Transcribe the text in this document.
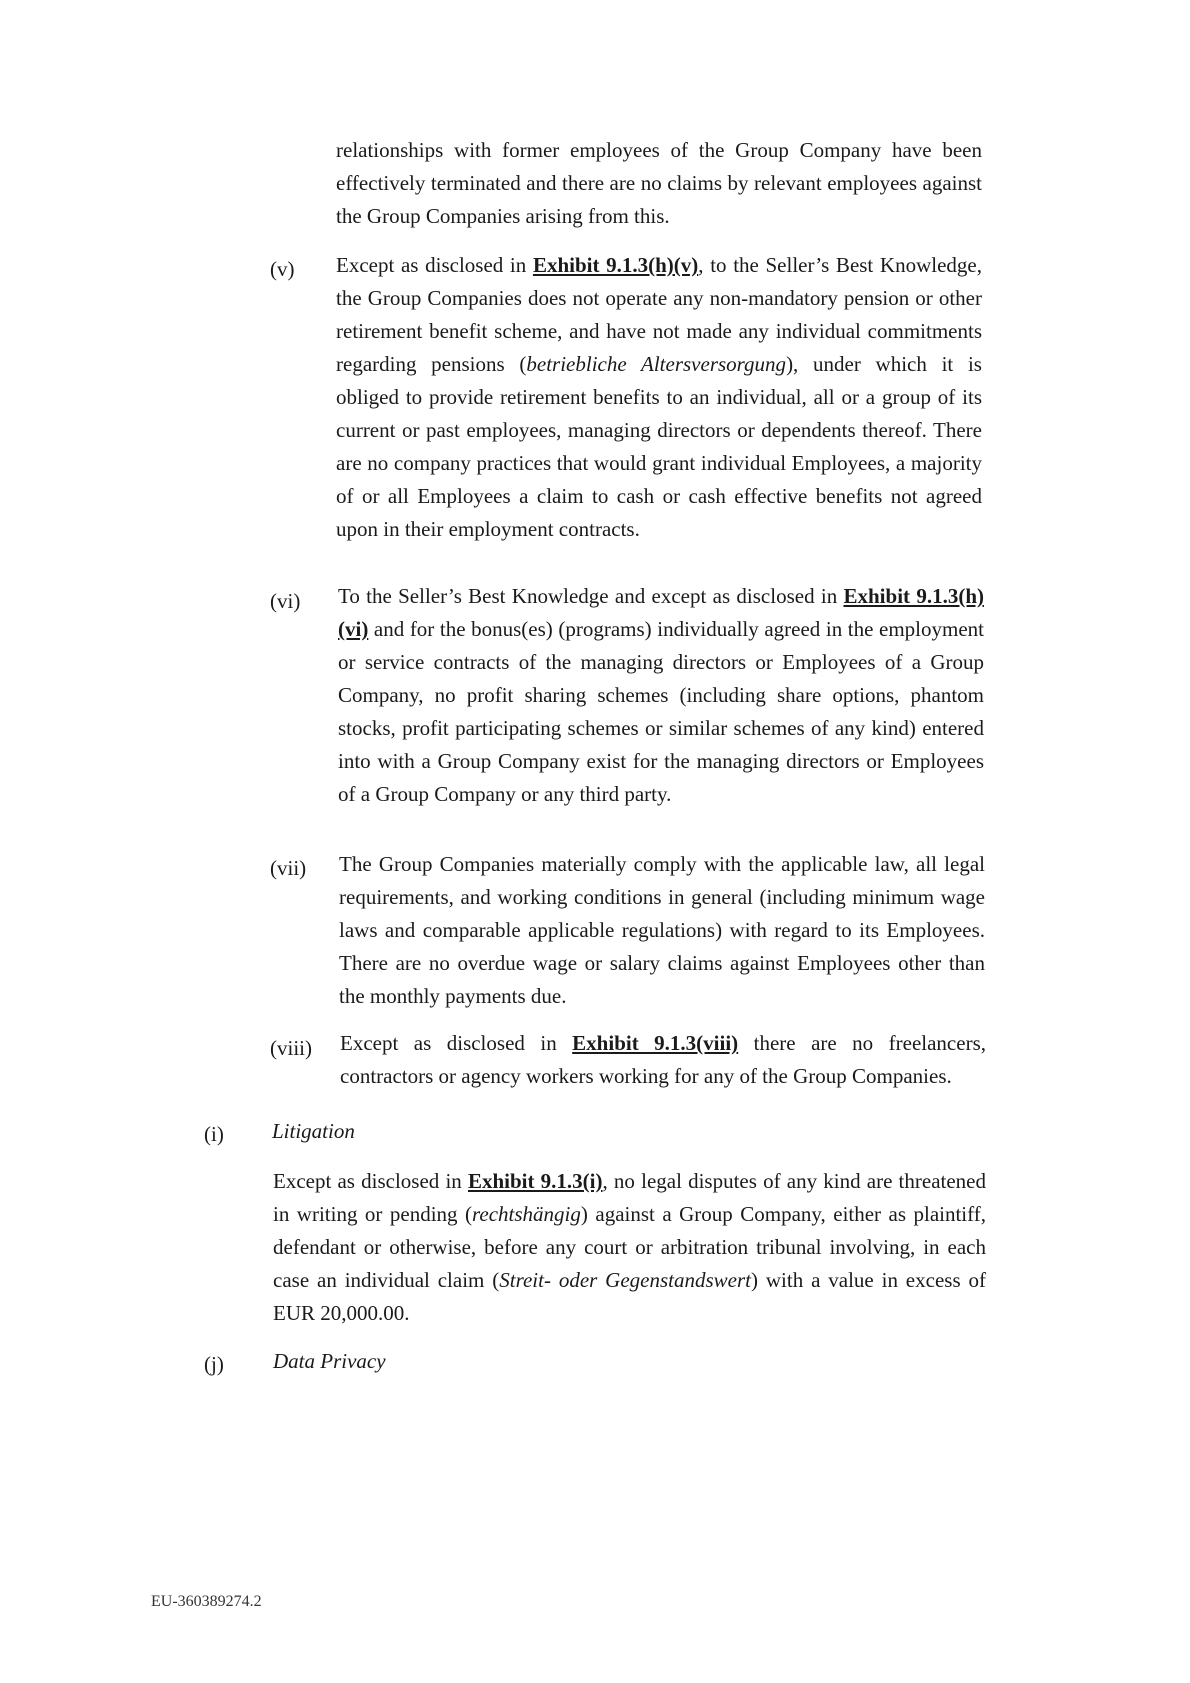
relationships with former employees of the Group Company have been effectively terminated and there are no claims by relevant employees against the Group Companies arising from this.

(v) Except as disclosed in Exhibit 9.1.3(h)(v), to the Seller’s Best Knowledge, the Group Companies does not operate any non-mandatory pension or other retirement benefit scheme, and have not made any individual commitments regarding pensions (betriebliche Altersversorgung), under which it is obliged to provide retirement benefits to an individual, all or a group of its current or past employees, managing directors or dependents thereof. There are no company practices that would grant individual Employees, a majority of or all Employees a claim to cash or cash effective benefits not agreed upon in their employment contracts.

(vi) To the Seller’s Best Knowledge and except as disclosed in Exhibit 9.1.3(h)(vi) and for the bonus(es) (programs) individually agreed in the employment or service contracts of the managing directors or Employees of a Group Company, no profit sharing schemes (including share options, phantom stocks, profit participating schemes or similar schemes of any kind) entered into with a Group Company exist for the managing directors or Employees of a Group Company or any third party.

(vii) The Group Companies materially comply with the applicable law, all legal requirements, and working conditions in general (including minimum wage laws and comparable applicable regulations) with regard to its Employees. There are no overdue wage or salary claims against Employees other than the monthly payments due.

(viii) Except as disclosed in Exhibit 9.1.3(viii) there are no freelancers, contractors or agency workers working for any of the Group Companies.

(i) Litigation

Except as disclosed in Exhibit 9.1.3(i), no legal disputes of any kind are threatened in writing or pending (rechtshängig) against a Group Company, either as plaintiff, defendant or otherwise, before any court or arbitration tribunal involving, in each case an individual claim (Streit- oder Gegenstandswert) with a value in excess of EUR 20,000.00.

(j) Data Privacy
EU-360389274.2
